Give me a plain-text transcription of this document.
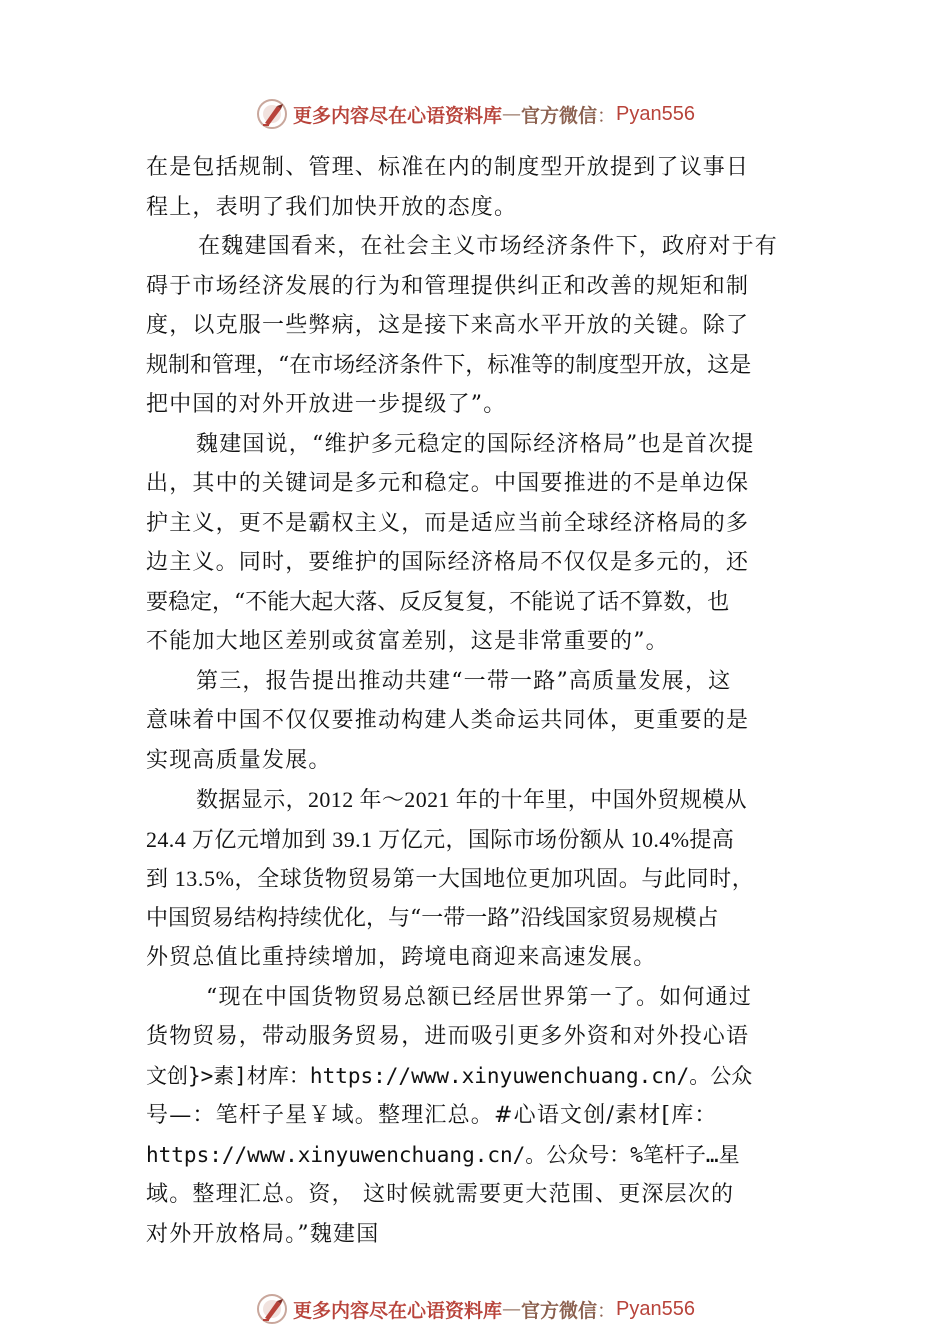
更多内容尽在心语资料库 — 官方微信 ： Pyan556
在是包括规制、管理、标准在内的制度型开放提到了议事日
程上，表明了我们加快开放的态度。
在魏建国看来，在社会主义市场经济条件下，政府对于有
碍于市场经济发展的行为和管理提供纠正和改善的规矩和制
度，以克服一些弊病，这是接下来高水平开放的关键。除了
规制和管理，“在市场经济条件下，标准等的制度型开放，这是
把中国的对外开放进一步提级了”。
魏建国说，“维护多元稳定的国际经济格局”也是首次提
出，其中的关键词是多元和稳定。中国要推进的不是单边保
护主义，更不是霸权主义，而是适应当前全球经济格局的多
边主义。同时，要维护的国际经济格局不仅仅是多元的，还
要稳定，“不能大起大落、反反复复，不能说了话不算数，也
不能加大地区差别或贫富差别，这是非常重要的”。
第三，报告提出推动共建“一带一路”高质量发展，这
意味着中国不仅仅要推动构建人类命运共同体，更重要的是
实现高质量发展。
数据显示，2012 年～2021 年的十年里，中国外贸规模从
24.4 万亿元增加到 39.1 万亿元，国际市场份额从 10.4%提高
到 13.5%，全球货物贸易第一大国地位更加巩固。与此同时，
中国贸易结构持续优化，与“一带一路”沿线国家贸易规模占
外贸总值比重持续增加，跨境电商迎来高速发展。
“现在中国货物贸易总额已经居世界第一了。如何通过
货物贸易，带动服务贸易，进而吸引更多外资和对外投心语
文创}>素]材库：https://www.xinyuwenchuang.cn/。公众
号—：笔杆子星￥域。整理汇总。#心语文创/素材[库：
https://www.xinyuwenchuang.cn/。公众号：%笔杆子…星
域。整理汇总。资， 这时候就需要更大范围、更深层次的
对外开放格局。”魏建国
更多内容尽在心语资料库 — 官方微信 ： Pyan556
